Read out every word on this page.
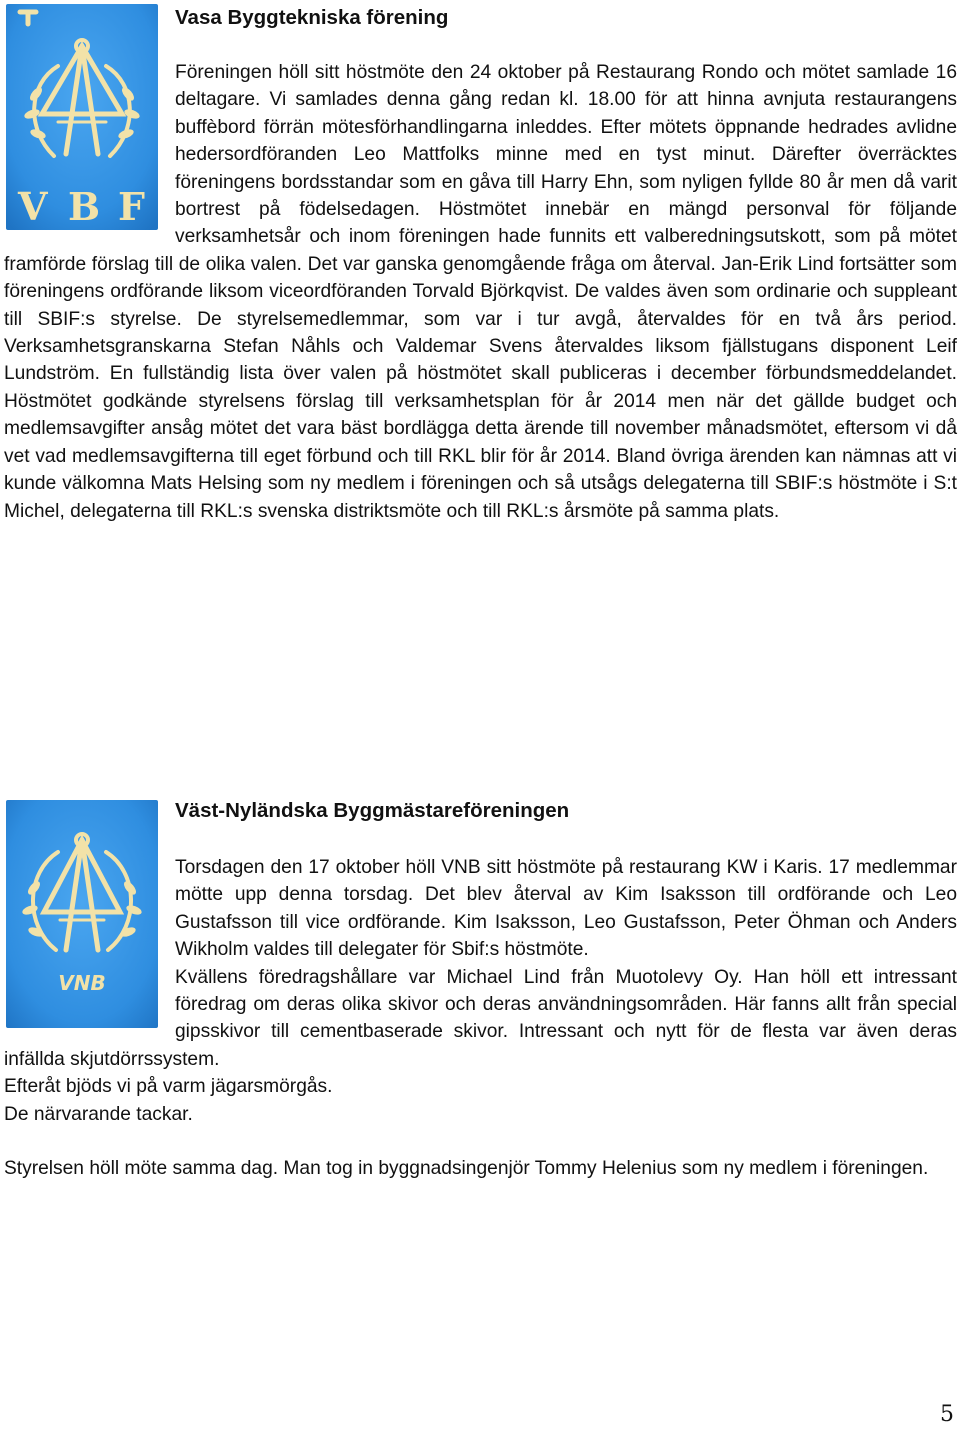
V B F
Vasa Byggtekniska förening

Föreningen höll sitt höstmöte den 24 oktober på Restaurang Rondo och mötet samlade 16 deltagare. Vi samlades denna gång redan kl. 18.00 för att hinna avnjuta restaurangens buffèbord förrän mötesförhandlingarna inleddes. Efter mötets öppnande hedrades avlidne hedersordföranden Leo Mattfolks minne med en tyst minut. Därefter överräcktes föreningens bordsstandar som en gåva till Harry Ehn, som nyligen fyllde 80 år men då varit bortrest på födelsedagen. Höstmötet innebär en mängd personval för följande verksamhetsår och inom föreningen hade funnits ett valberedningsutskott, som på mötet framförde förslag till de olika valen. Det var ganska genomgående fråga om återval. Jan-Erik Lind fortsätter som föreningens ordförande liksom viceordföranden Torvald Björkqvist. De valdes även som ordinarie och suppleant till SBIF:s styrelse. De styrelsemedlemmar, som var i tur avgå, återvaldes för en två års period. Verksamhetsgranskarna Stefan Nåhls och Valdemar Svens återvaldes liksom fjällstugans disponent Leif Lundström. En fullständig lista över valen på höstmötet skall publiceras i december förbundsmeddelandet. Höstmötet godkände styrelsens förslag till verksamhetsplan för år 2014 men när det gällde budget och medlemsavgifter ansåg mötet det vara bäst bordlägga detta ärende till november månadsmötet, eftersom vi då vet vad medlemsavgifterna till eget förbund och till RKL blir för år 2014. Bland övriga ärenden kan nämnas att vi kunde välkomna Mats Helsing som ny medlem i föreningen och så utsågs delegaterna till SBIF:s höstmöte i S:t Michel, delegaterna till RKL:s svenska distriktsmöte och till RKL:s årsmöte på samma plats.

VNB
Väst-Nyländska Byggmästareföreningen

Torsdagen den 17 oktober höll VNB sitt höstmöte på restaurang KW i Karis. 17 medlemmar mötte upp denna torsdag. Det blev återval av Kim Isaksson till ordförande och Leo Gustafsson till vice ordförande. Kim Isaksson, Leo Gustafsson, Peter Öhman och Anders Wikholm valdes till delegater för Sbif:s höstmöte.

Kvällens föredragshållare var Michael Lind från Muotolevy Oy. Han höll ett intressant föredrag om deras olika skivor och deras användningsområden. Här fanns allt från special gipsskivor till cementbaserade skivor. Intressant och nytt för de flesta var även deras infällda skjutdörrssystem.

Efteråt bjöds vi på varm jägarsmörgås.

De närvarande tackar.

Styrelsen höll möte samma dag. Man tog in byggnadsingenjör Tommy Helenius som ny medlem i föreningen.

5
